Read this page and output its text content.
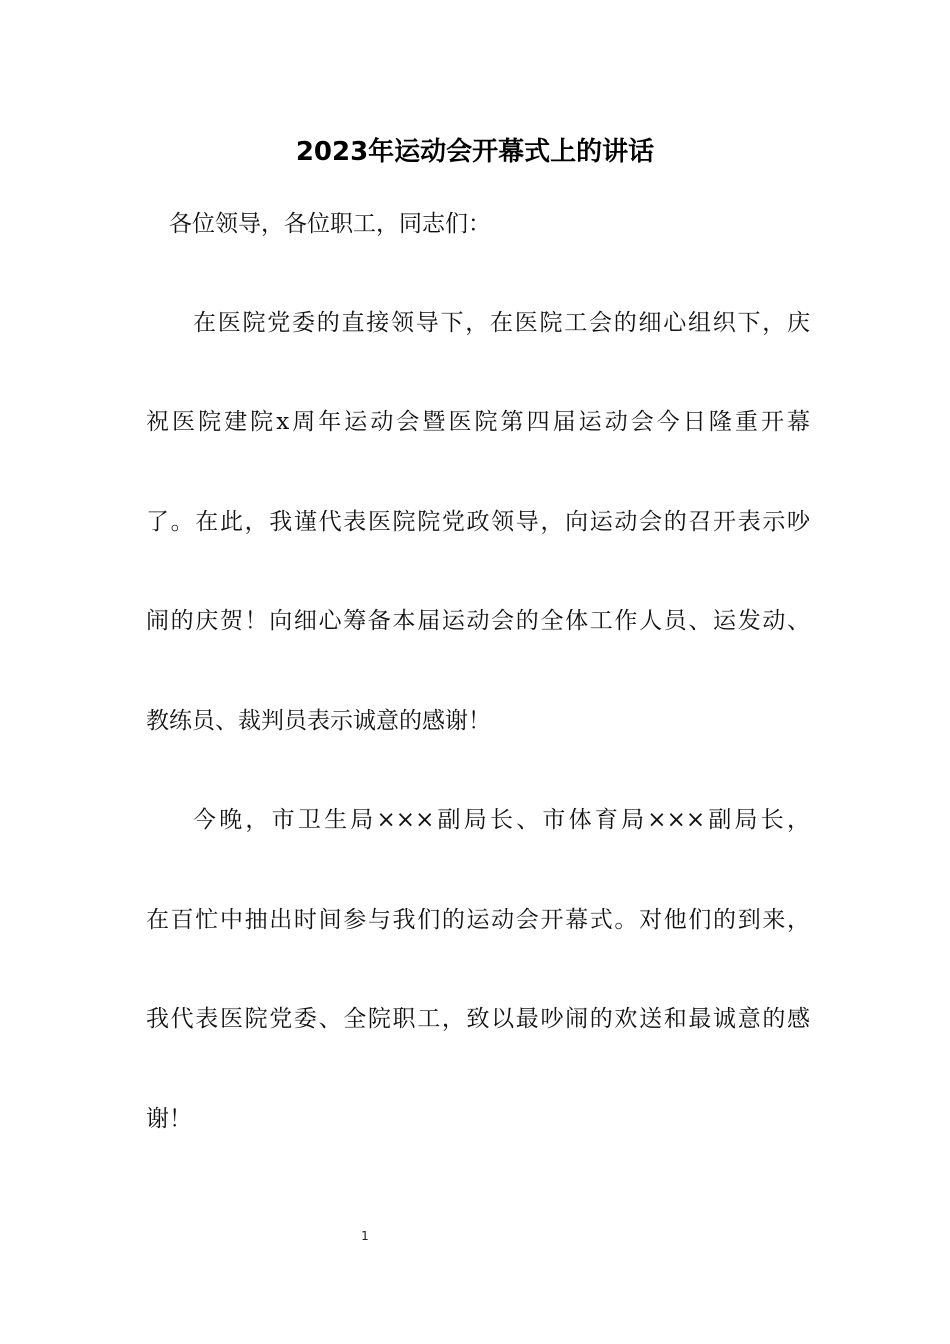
2023年运动会开幕式上的讲话
各位领导，各位职工，同志们：
在医院党委的直接领导下，在医院工会的细心组织下，庆
祝医院建院x周年运动会暨医院第四届运动会今日隆重开幕
了。在此，我谨代表医院院党政领导，向运动会的召开表示吵
闹的庆贺！向细心筹备本届运动会的全体工作人员、运发动、
教练员、裁判员表示诚意的感谢！
今晚，市卫生局×××副局长、市体育局×××副局长，
在百忙中抽出时间参与我们的运动会开幕式。对他们的到来，
我代表医院党委、全院职工，致以最吵闹的欢送和最诚意的感
谢！
1
